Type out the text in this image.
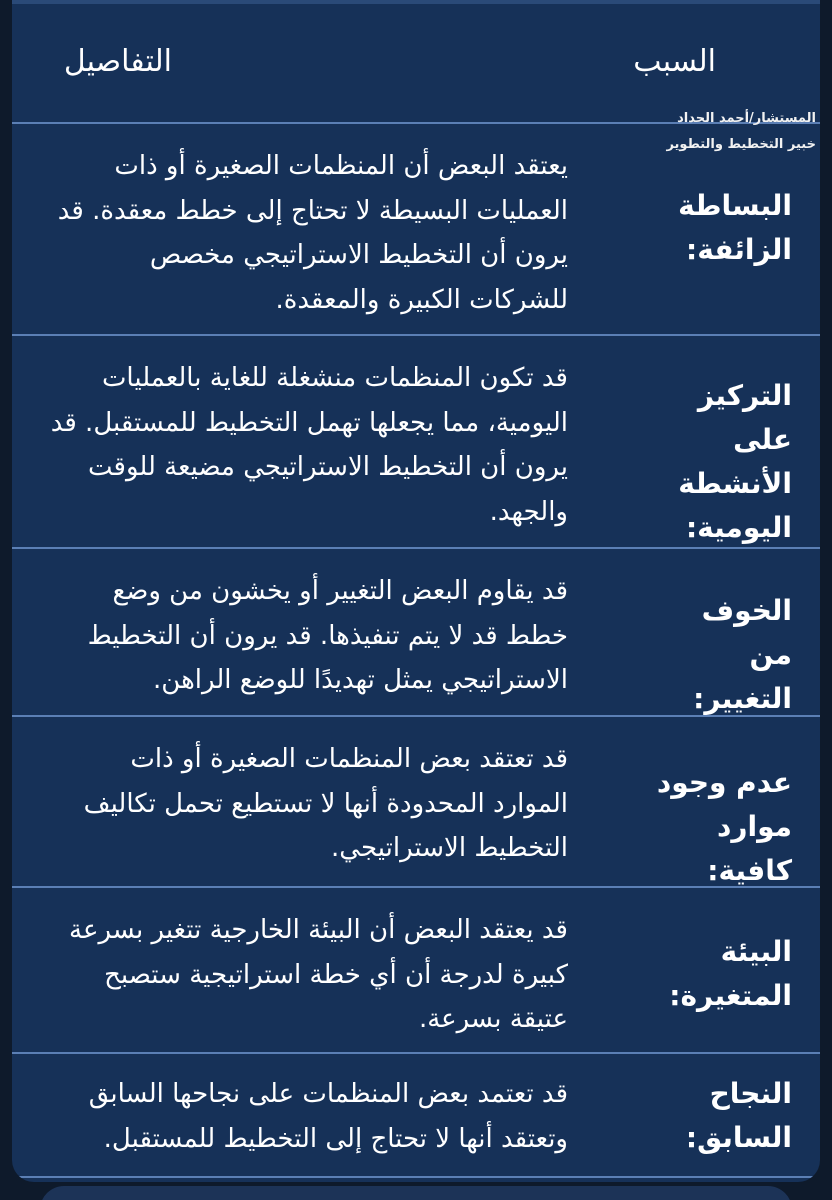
السبب
التفاصيل
البساطة الزائفة:
يعتقد البعض أن المنظمات الصغيرة أو ذات العمليات البسيطة لا تحتاج إلى خطط معقدة. قد يرون أن التخطيط الاستراتيجي مخصص للشركات الكبيرة والمعقدة.
التركيز على الأنشطة اليومية:
قد تكون المنظمات منشغلة للغاية بالعمليات اليومية، مما يجعلها تهمل التخطيط للمستقبل. قد يرون أن التخطيط الاستراتيجي مضيعة للوقت والجهد.
الخوف من التغيير:
قد يقاوم البعض التغيير أو يخشون من وضع خطط قد لا يتم تنفيذها. قد يرون أن التخطيط الاستراتيجي يمثل تهديدًا للوضع الراهن.
عدم وجود موارد كافية:
قد تعتقد بعض المنظمات الصغيرة أو ذات الموارد المحدودة أنها لا تستطيع تحمل تكاليف التخطيط الاستراتيجي.
البيئة المتغيرة:
قد يعتقد البعض أن البيئة الخارجية تتغير بسرعة كبيرة لدرجة أن أي خطة استراتيجية ستصبح عتيقة بسرعة.
النجاح السابق:
قد تعتمد بعض المنظمات على نجاحها السابق وتعتقد أنها لا تحتاج إلى التخطيط للمستقبل.
المستشار/أحمد الحداد
خبير التخطيط والتطوير
